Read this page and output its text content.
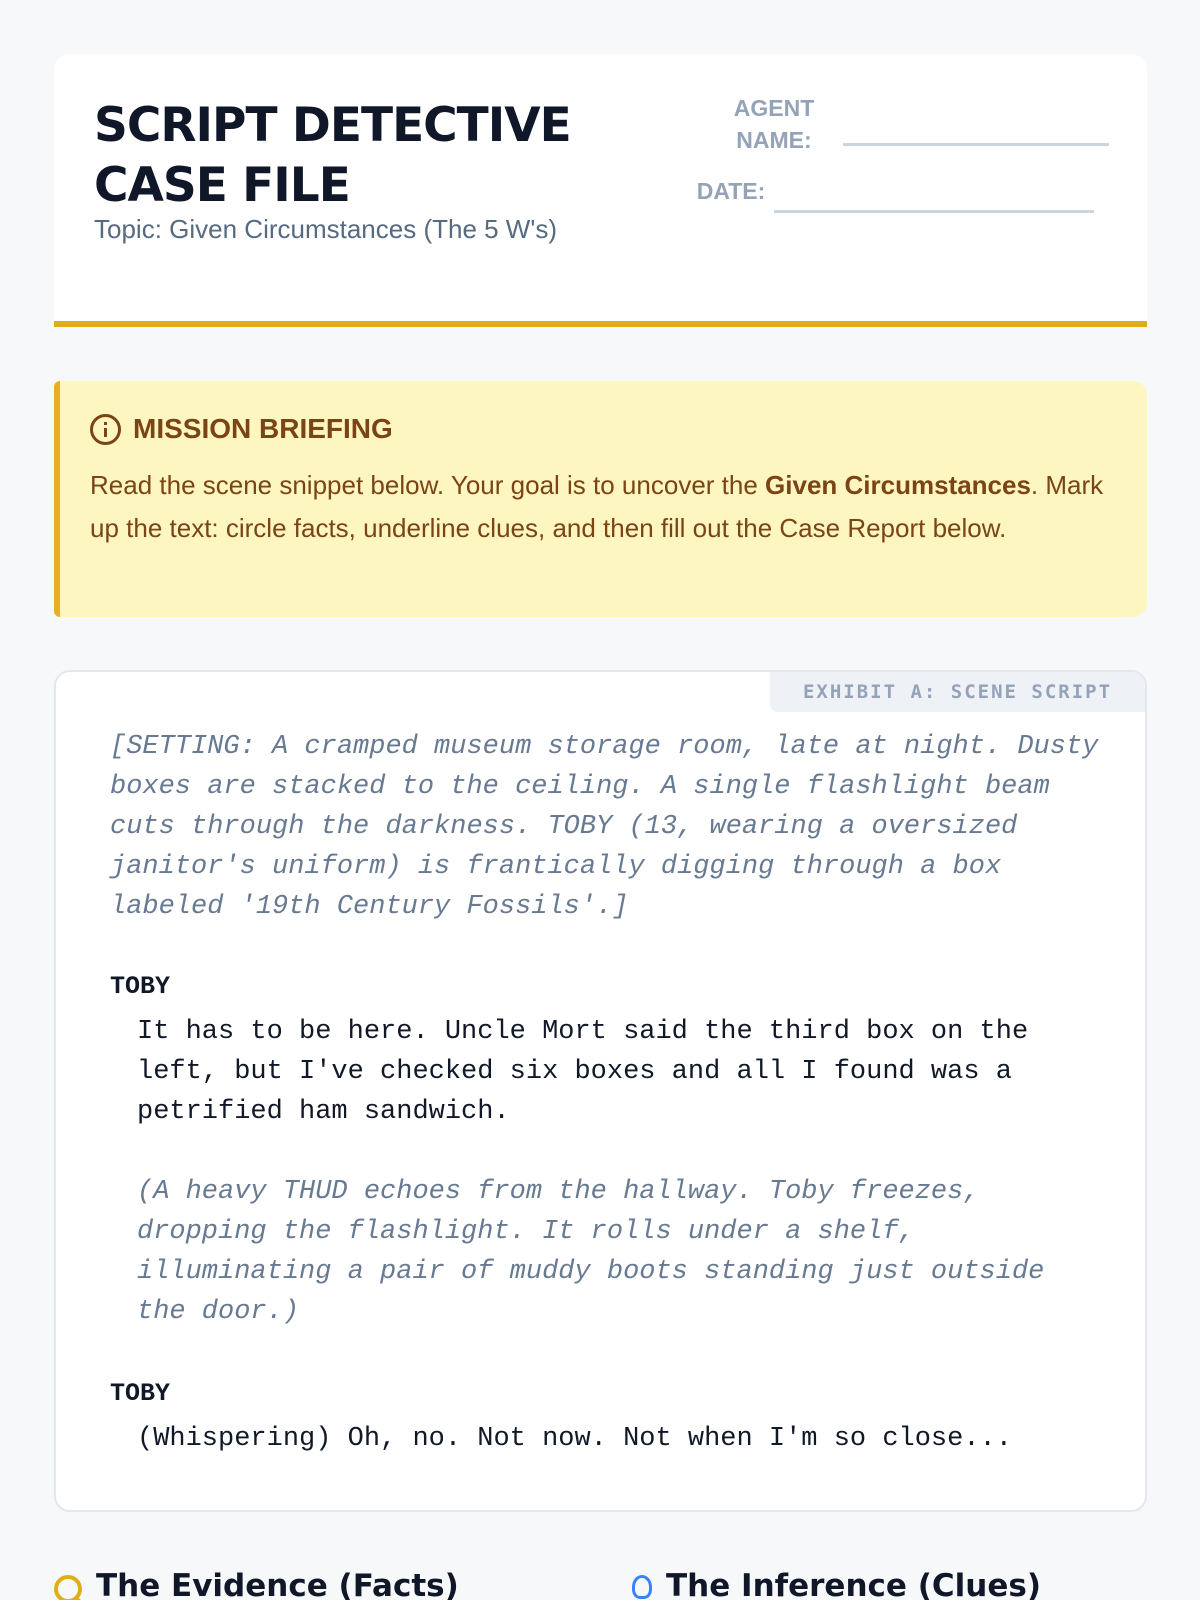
SCRIPT DETECTIVE
CASE FILE
Topic: Given Circumstances (The 5 W's)
AGENT
NAME:
DATE:
MISSION BRIEFING
Read the scene snippet below. Your goal is to uncover the Given Circumstances. Mark up the text: circle facts, underline clues, and then fill out the Case Report below.
EXHIBIT A: SCENE SCRIPT
[SETTING: A cramped museum storage room, late at night. Dusty boxes are stacked to the ceiling. A single flashlight beam cuts through the darkness. TOBY (13, wearing a oversized janitor's uniform) is frantically digging through a box labeled '19th Century Fossils'.]
TOBY
It has to be here. Uncle Mort said the third box on the left, but I've checked six boxes and all I found was a petrified ham sandwich.
(A heavy THUD echoes from the hallway. Toby freezes, dropping the flashlight. It rolls under a shelf, illuminating a pair of muddy boots standing just outside the door.)
TOBY
(Whispering) Oh, no. Not now. Not when I'm so close...
The Evidence (Facts)	The Inference (Clues)
